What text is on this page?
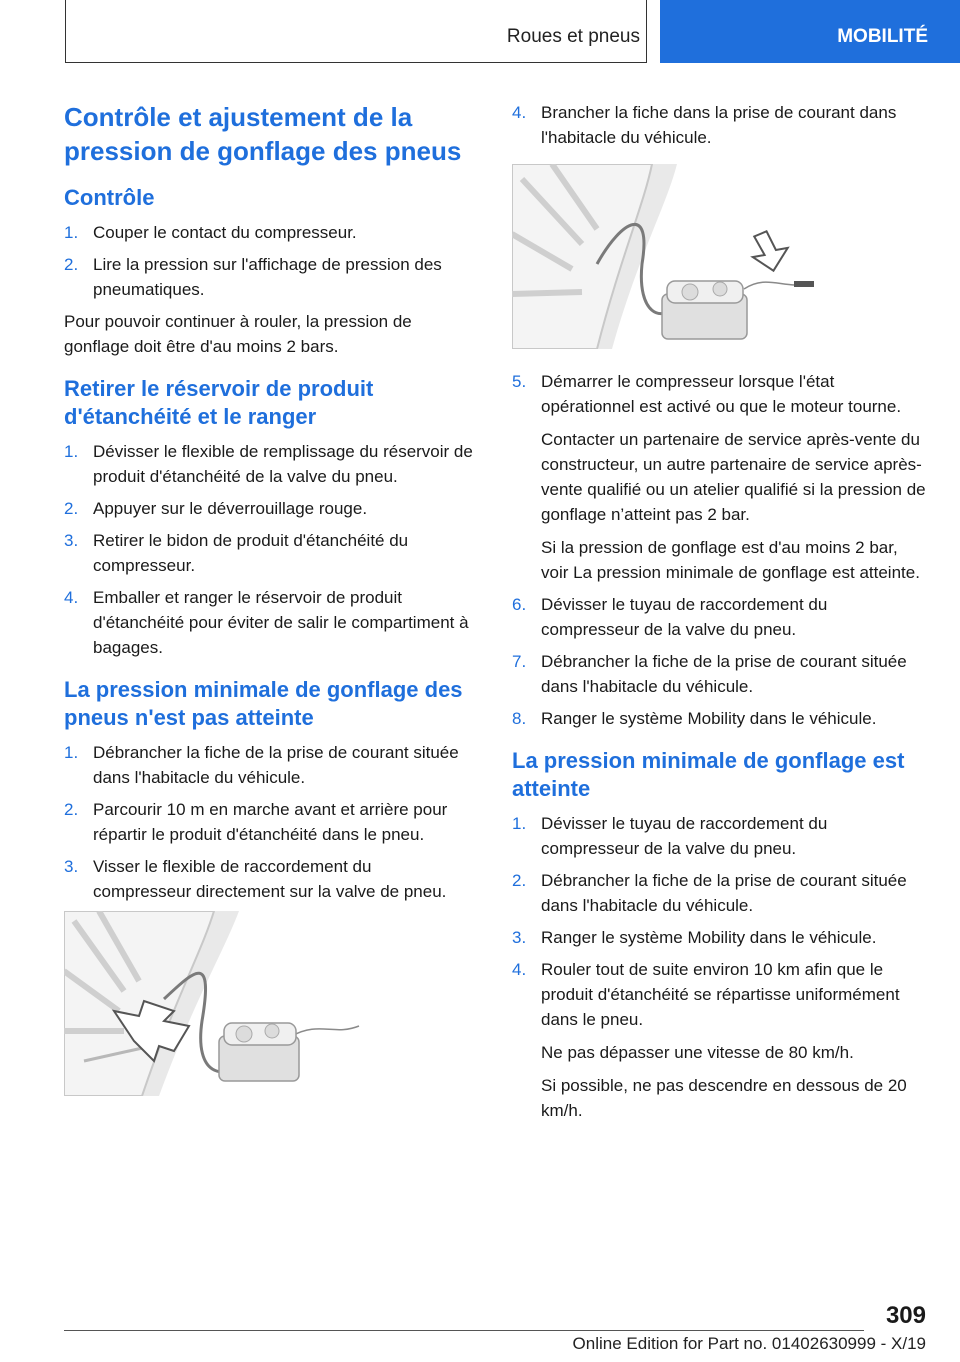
Roues et pneus	MOBILITÉ
Contrôle et ajustement de la pression de gonflage des pneus
Contrôle
1. Couper le contact du compresseur.
2. Lire la pression sur l'affichage de pression des pneumatiques.

Pour pouvoir continuer à rouler, la pression de gonflage doit être d'au moins 2 bars.

Retirer le réservoir de produit d'étanchéité et le ranger
1. Dévisser le flexible de remplissage du réservoir de produit d'étanchéité de la valve du pneu.
2. Appuyer sur le déverrouillage rouge.
3. Retirer le bidon de produit d'étanchéité du compresseur.
4. Emballer et ranger le réservoir de produit d'étanchéité pour éviter de salir le compartiment à bagages.
La pression minimale de gonflage des pneus n'est pas atteinte
1. Débrancher la fiche de la prise de courant située dans l'habitacle du véhicule.
2. Parcourir 10 m en marche avant et arrière pour répartir le produit d'étanchéité dans le pneu.
3. Visser le flexible de raccordement du compresseur directement sur la valve de pneu.
4. Brancher la fiche dans la prise de courant dans l'habitacle du véhicule.
5. Démarrer le compresseur lorsque l'état opérationnel est activé ou que le moteur tourne.
Contacter un partenaire de service après-vente du constructeur, un autre partenaire de service après-vente qualifié ou un atelier qualifié si la pression de gonflage n’atteint pas 2 bar.
Si la pression de gonflage est d'au moins 2 bar, voir La pression minimale de gonflage est atteinte.
6. Dévisser le tuyau de raccordement du compresseur de la valve du pneu.
7. Débrancher la fiche de la prise de courant située dans l'habitacle du véhicule.
8. Ranger le système Mobility dans le véhicule.
La pression minimale de gonflage est atteinte
1. Dévisser le tuyau de raccordement du compresseur de la valve du pneu.
2. Débrancher la fiche de la prise de courant située dans l'habitacle du véhicule.
3. Ranger le système Mobility dans le véhicule.
4. Rouler tout de suite environ 10 km afin que le produit d'étanchéité se répartisse uniformément dans le pneu.
Ne pas dépasser une vitesse de 80 km/h.
Si possible, ne pas descendre en dessous de 20 km/h.
309
Online Edition for Part no. 01402630999 - X/19
